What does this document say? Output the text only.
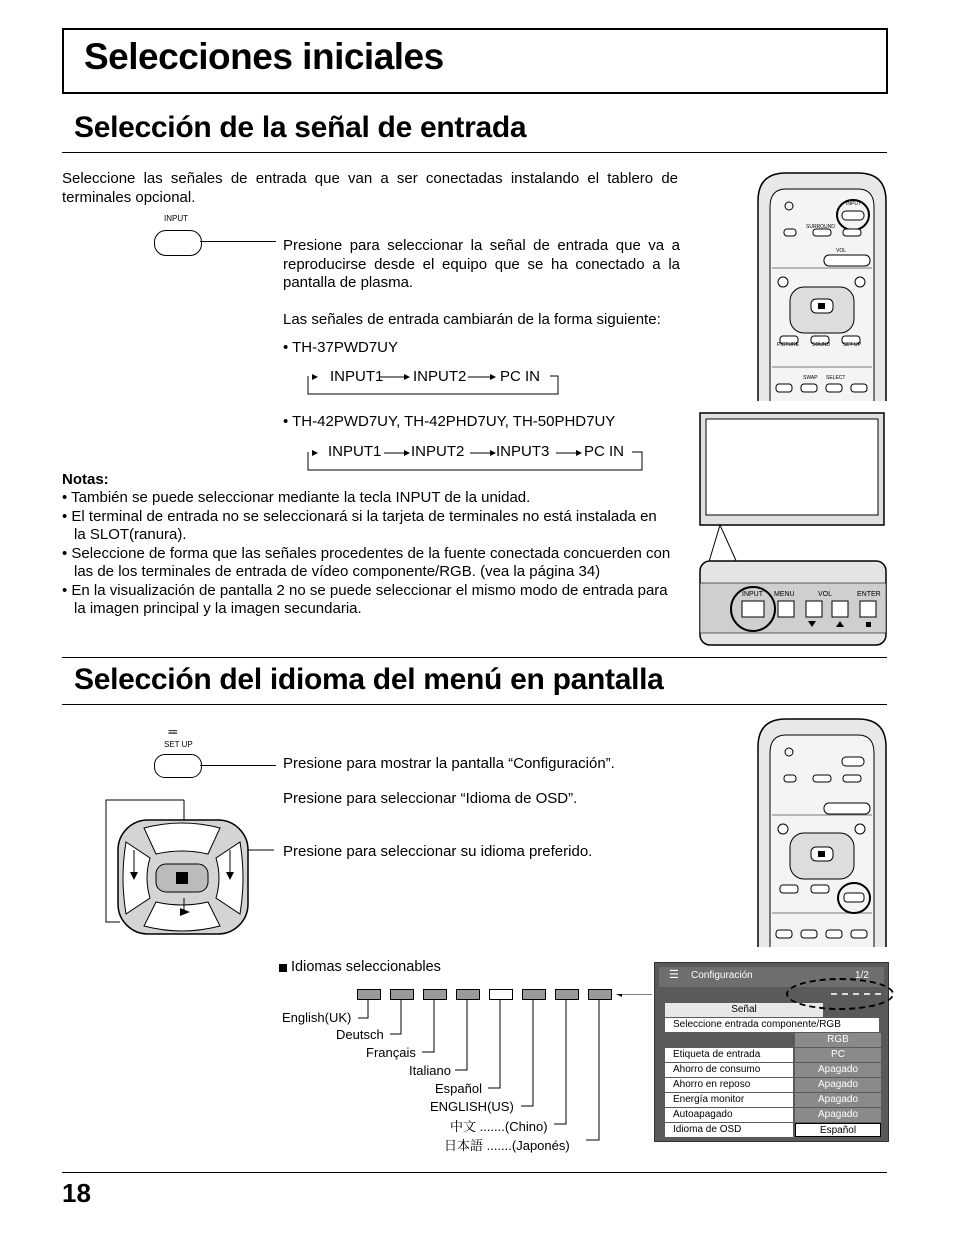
Selecciones iniciales
Selección de la señal de entrada
Seleccione las señales de entrada que van a ser conectadas instalando el tablero de terminales opcional.
INPUT
Presione para seleccionar la señal de entrada que va a reproducirse desde el equipo que se ha conectado a la pantalla de plasma.
Las señales de entrada cambiarán de la forma siguiente:
• TH-37PWD7UY
INPUT1 INPUT2 PC IN
• TH-42PWD7UY, TH-42PHD7UY, TH-50PHD7UY
INPUT1 INPUT2 INPUT3 PC IN
Notas:
• También se puede seleccionar mediante la tecla INPUT de la unidad.
• El terminal de entrada no se seleccionará si la tarjeta de terminales no está instalada en la SLOT(ranura).
• Seleccione de forma que las señales procedentes de la fuente conectada concuerden con las de los terminales de entrada de vídeo componente/RGB. (vea la página 34)
• En la visualización de pantalla 2 no se puede seleccionar el mismo modo de entrada para la imagen principal y la imagen secundaria.
INPUT
SURROUND
VOL
PICTURE	SOUND	SET UP
SWAP SELECT
INPUT MENU	VOL	ENTER
Selección del idioma del menú en pantalla
≡≡
SET UP
Presione para mostrar la pantalla “Configuración”.
Presione para seleccionar “Idioma de OSD”.
Presione para seleccionar su idioma preferido.
Idiomas seleccionables
English(UK)
Deutsch
Français
Italiano
Español
ENGLISH(US)
中文 .......(Chino)
日本語 .......(Japonés)
☰ Configuración	1/2
Señal
Seleccione entrada componente/RGB
RGB
Etiqueta de entrada	PC
Ahorro de consumo	Apagado
Ahorro en reposo	Apagado
Energía monitor	Apagado
Autoapagado	Apagado
Idioma de OSD	Español
18
